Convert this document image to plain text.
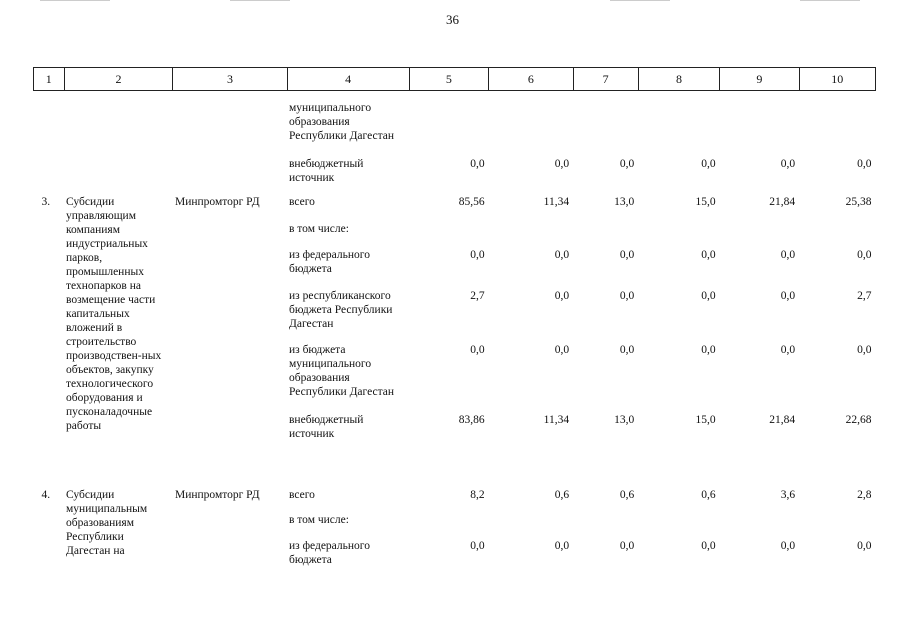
36
1	2	3	4	5	6	7	8	9	10

			муниципального образования Республики Дагестан						
			внебюджетный источник	0,0	0,0	0,0	0,0	0,0	0,0
3.	Субсидии управляющим компаниям индустриальных парков, промышленных технопарков на возмещение части капитальных вложений в строительство производствен-ных объектов, закупку технологического оборудования и пусконаладочные работы	Минпромторг РД	всего	85,56	11,34	13,0	15,0	21,84	25,38
			в том числе:						
			из федерального бюджета	0,0	0,0	0,0	0,0	0,0	0,0
			из республиканского бюджета Республики Дагестан	2,7	0,0	0,0	0,0	0,0	2,7
			из бюджета муниципального образования Республики Дагестан	0,0	0,0	0,0	0,0	0,0	0,0
			внебюджетный источник	83,86	11,34	13,0	15,0	21,84	22,68
4.	Субсидии муниципальным образованиям Республики Дагестан на	Минпромторг РД	всего	8,2	0,6	0,6	0,6	3,6	2,8
			в том числе:						
			из федерального бюджета	0,0	0,0	0,0	0,0	0,0	0,0
